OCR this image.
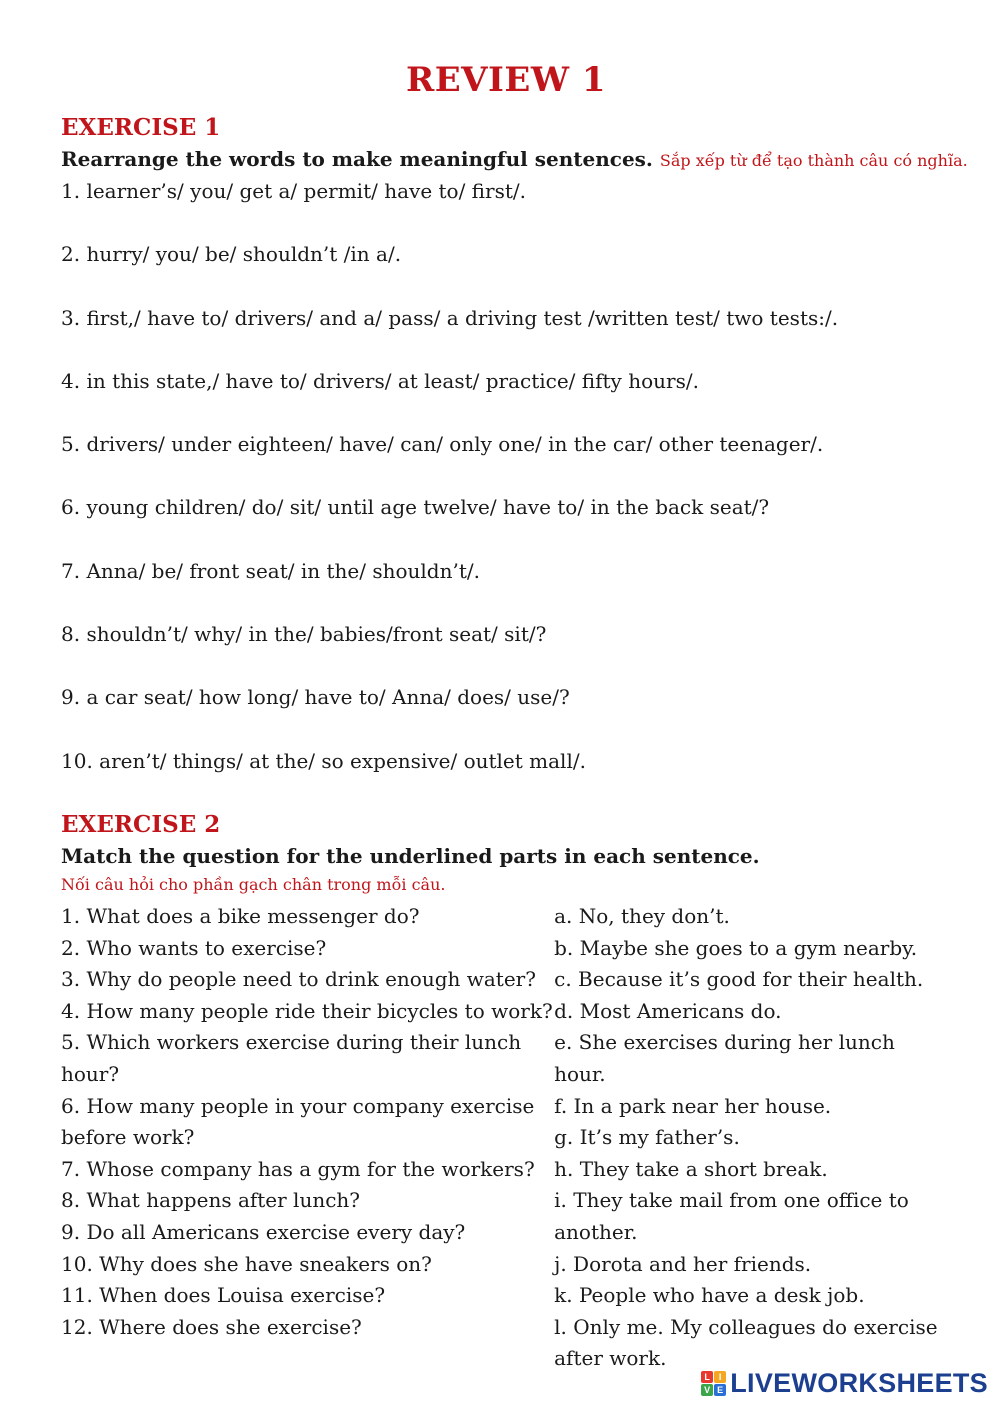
REVIEW 1

EXERCISE 1

Rearrange the words to make meaningful sentences. Sắp xếp từ để tạo thành câu có nghĩa.

1. learner’s/ you/ get a/ permit/ have to/ first/.
2. hurry/ you/ be/ shouldn’t /in a/.
3. first,/ have to/ drivers/ and a/ pass/ a driving test /written test/ two tests:/.
4. in this state,/ have to/ drivers/ at least/ practice/ fifty hours/.
5. drivers/ under eighteen/ have/ can/ only one/ in the car/ other teenager/.
6. young children/ do/ sit/ until age twelve/ have to/ in the back seat/?
7. Anna/ be/ front seat/ in the/ shouldn’t/.
8. shouldn’t/ why/ in the/ babies/front seat/ sit/?
9. a car seat/ how long/ have to/ Anna/ does/ use/?
10. aren’t/ things/ at the/ so expensive/ outlet mall/.

EXERCISE 2

Match the question for the underlined parts in each sentence.

Nối câu hỏi cho phần gạch chân trong mỗi câu.

1. What does a bike messenger do?
2. Who wants to exercise?
3. Why do people need to drink enough water?
4. How many people ride their bicycles to work?
5. Which workers exercise during their lunch
hour?
6. How many people in your company exercise
before work?
7. Whose company has a gym for the workers?
8. What happens after lunch?
9. Do all Americans exercise every day?
10. Why does she have sneakers on?
11. When does Louisa exercise?
12. Where does she exercise?
a. No, they don’t.
b. Maybe she goes to a gym nearby.
c. Because it’s good for their health.
d. Most Americans do.
e. She exercises during her lunch hour.
f. In a park near her house.
g. It’s my father’s.
h. They take a short break.
i. They take mail from one office to
another.
j. Dorota and her friends.
k. People who have a desk job.
l. Only me. My colleagues do exercise
after work.
L I
V E LIVEWORKSHEETS
